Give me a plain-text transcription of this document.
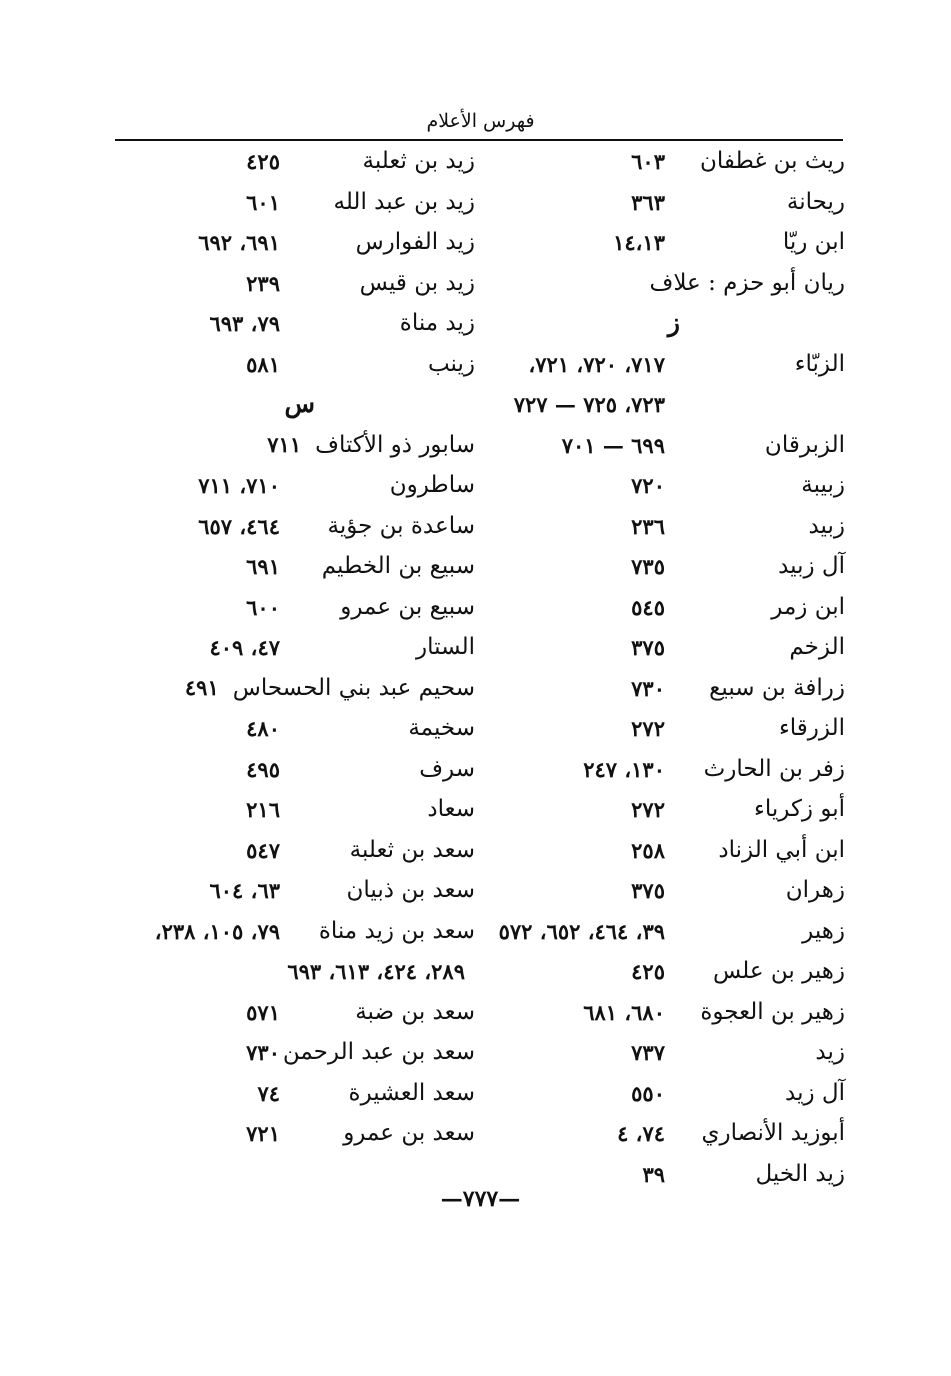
فهرس الأعلام
ريث بن غطفان
٦٠٣
ريحانة
٣٦٣
ابن ريّا
١٤،١٣
ريان أبو حزم : علاف
ز
الزبّاء
٧١٧، ٧٢٠، ٧٢١،
٧٢٣، ٧٢٥ — ٧٢٧
الزبرقان
٦٩٩ — ٧٠١
زبيبة
٧٢٠
زبيد
٢٣٦
آل زبيد
٧٣٥
ابن زمر
٥٤٥
الزخم
٣٧٥
زرافة بن سبيع
٧٣٠
الزرقاء
٢٧٢
زفر بن الحارث
١٣٠، ٢٤٧
أبو زكرياء
٢٧٢
ابن أبي الزناد
٢٥٨
زهران
٣٧٥
زهير
٣٩، ٤٦٤، ٦٥٢، ٥٧٢
زهير بن علس
٤٢٥
زهير بن العجوة
٦٨٠، ٦٨١
زيد
٧٣٧
آل زيد
٥٥٠
أبوزيد الأنصاري
٧٤، ٤
زيد الخيل
٣٩
زيد بن ثعلبة
٤٢٥
زيد بن عبد الله
٦٠١
زيد الفوارس
٦٩١، ٦٩٢
زيد بن قيس
٢٣٩
زيد مناة
٧٩، ٦٩٣
زينب
٥٨١
س
سابور ذو الأكتاف٧١١
ساطرون
٧١٠، ٧١١
ساعدة بن جؤية
٤٦٤، ٦٥٧
سبيع بن الخطيم
٦٩١
سبيع بن عمرو
٦٠٠
الستار
٤٧، ٤٠٩
سحيم عبد بني الحسحاس٤٩١
سخيمة
٤٨٠
سرف
٤٩٥
سعاد
٢١٦
سعد بن ثعلبة
٥٤٧
سعد بن ذبيان
٦٣، ٦٠٤
سعد بن زيد مناة
٧٩، ١٠٥، ٢٣٨،
٢٨٩، ٤٢٤، ٦١٣، ٦٩٣
سعد بن ضبة
٥٧١
سعد بن عبد الرحمن
٧٣٠
سعد العشيرة
٧٤
سعد بن عمرو
٧٢١
—٧٧٧—
